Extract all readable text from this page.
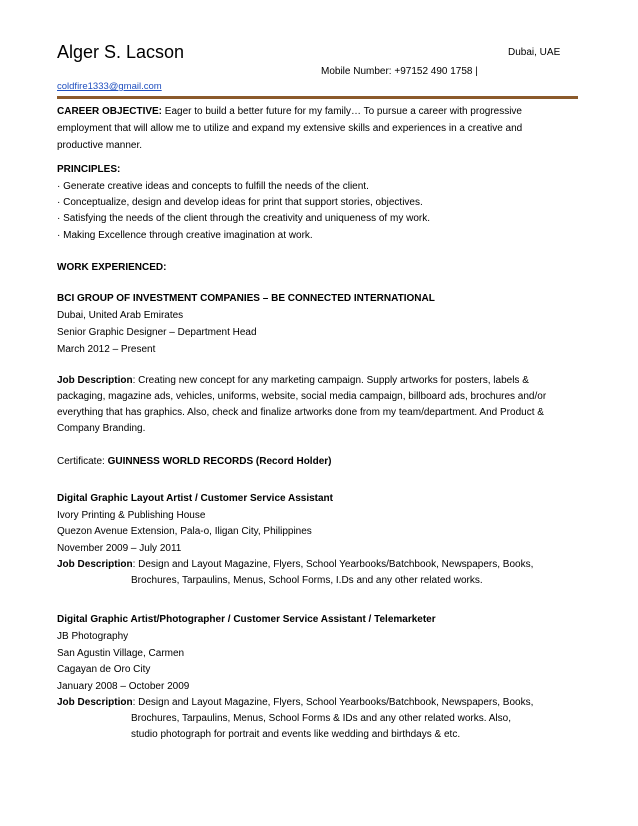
Alger S. Lacson	Dubai, UAE
Mobile Number: +97152 490 1758 |
coldfire1333@gmail.com
CAREER OBJECTIVE: Eager to build a better future for my family… To pursue a career with progressive
employment that will allow me to utilize and expand my extensive skills and experiences in a creative and
productive manner.
PRINCIPLES:
· Generate creative ideas and concepts to fulfill the needs of the client.
· Conceptualize, design and develop ideas for print that support stories, objectives.
· Satisfying the needs of the client through the creativity and uniqueness of my work.
· Making Excellence through creative imagination at work.
WORK EXPERIENCED:
BCI GROUP OF INVESTMENT COMPANIES – BE CONNECTED INTERNATIONAL
Dubai, United Arab Emirates
Senior Graphic Designer – Department Head
March 2012 – Present
Job Description: Creating new concept for any marketing campaign. Supply artworks for posters, labels &
packaging, magazine ads, vehicles, uniforms, website, social media campaign, billboard ads, brochures and/or
everything that has graphics. Also, check and finalize artworks done from my team/department. And Product &
Company Branding.
Certificate: GUINNESS WORLD RECORDS (Record Holder)
Digital Graphic Layout Artist / Customer Service Assistant
Ivory Printing & Publishing House
Quezon Avenue Extension, Pala-o, Iligan City, Philippines
November 2009 – July 2011
Job Description: Design and Layout Magazine, Flyers, School Yearbooks/Batchbook, Newspapers, Books,
Brochures, Tarpaulins, Menus, School Forms, I.Ds and any other related works.
Digital Graphic Artist/Photographer / Customer Service Assistant / Telemarketer
JB Photography
San Agustin Village, Carmen
Cagayan de Oro City
January 2008 – October 2009
Job Description: Design and Layout Magazine, Flyers, School Yearbooks/Batchbook, Newspapers, Books,
Brochures, Tarpaulins, Menus, School Forms & IDs and any other related works. Also,
studio photograph for portrait and events like wedding and birthdays & etc.
